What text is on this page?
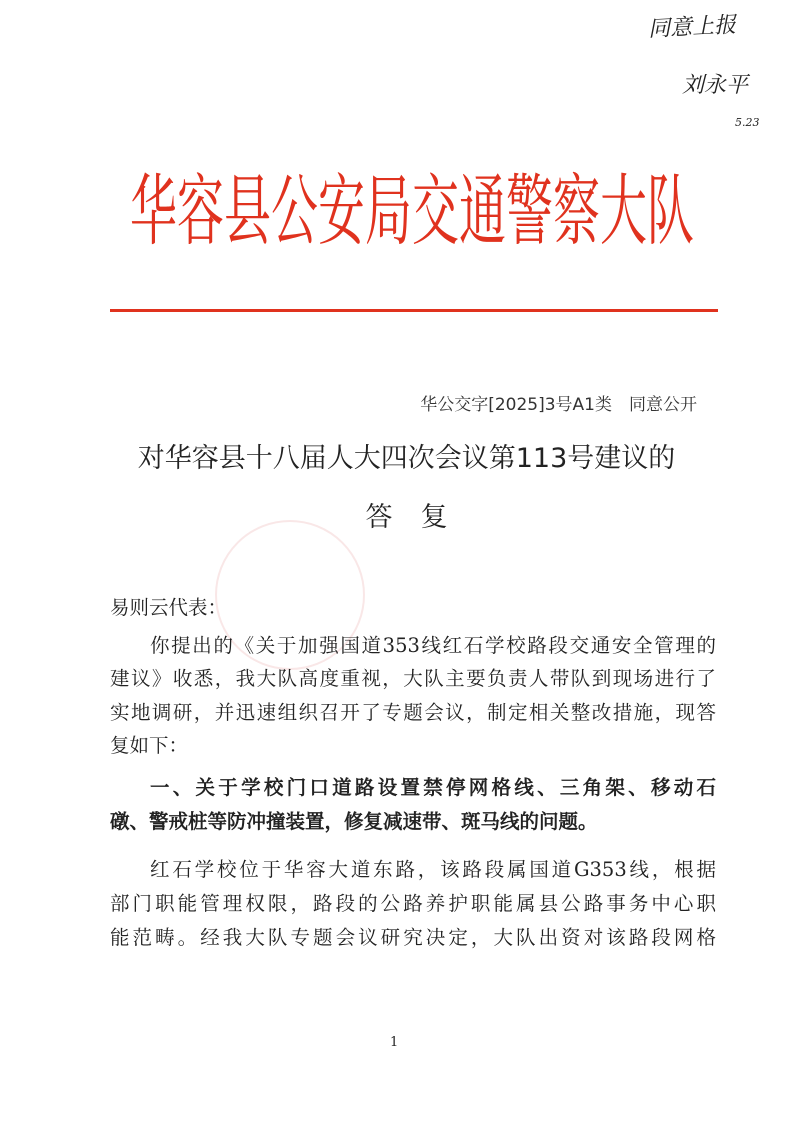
同意上报
刘永平
5.23
华容县公安局交通警察大队
华公交字[2025]3号A1类　同意公开
对华容县十八届人大四次会议第113号建议的
答复
易则云代表：
你提出的《关于加强国道353线红石学校路段交通安全管理的
建议》收悉，我大队高度重视，大队主要负责人带队到现场进行了
实地调研，并迅速组织召开了专题会议，制定相关整改措施，现答
复如下：
一、关于学校门口道路设置禁停网格线、三角架、移动石
礅、警戒桩等防冲撞装置，修复减速带、斑马线的问题。
红石学校位于华容大道东路，该路段属国道G353线，根据
部门职能管理权限，路段的公路养护职能属县公路事务中心职
能范畴。经我大队专题会议研究决定，大队出资对该路段网格
1
